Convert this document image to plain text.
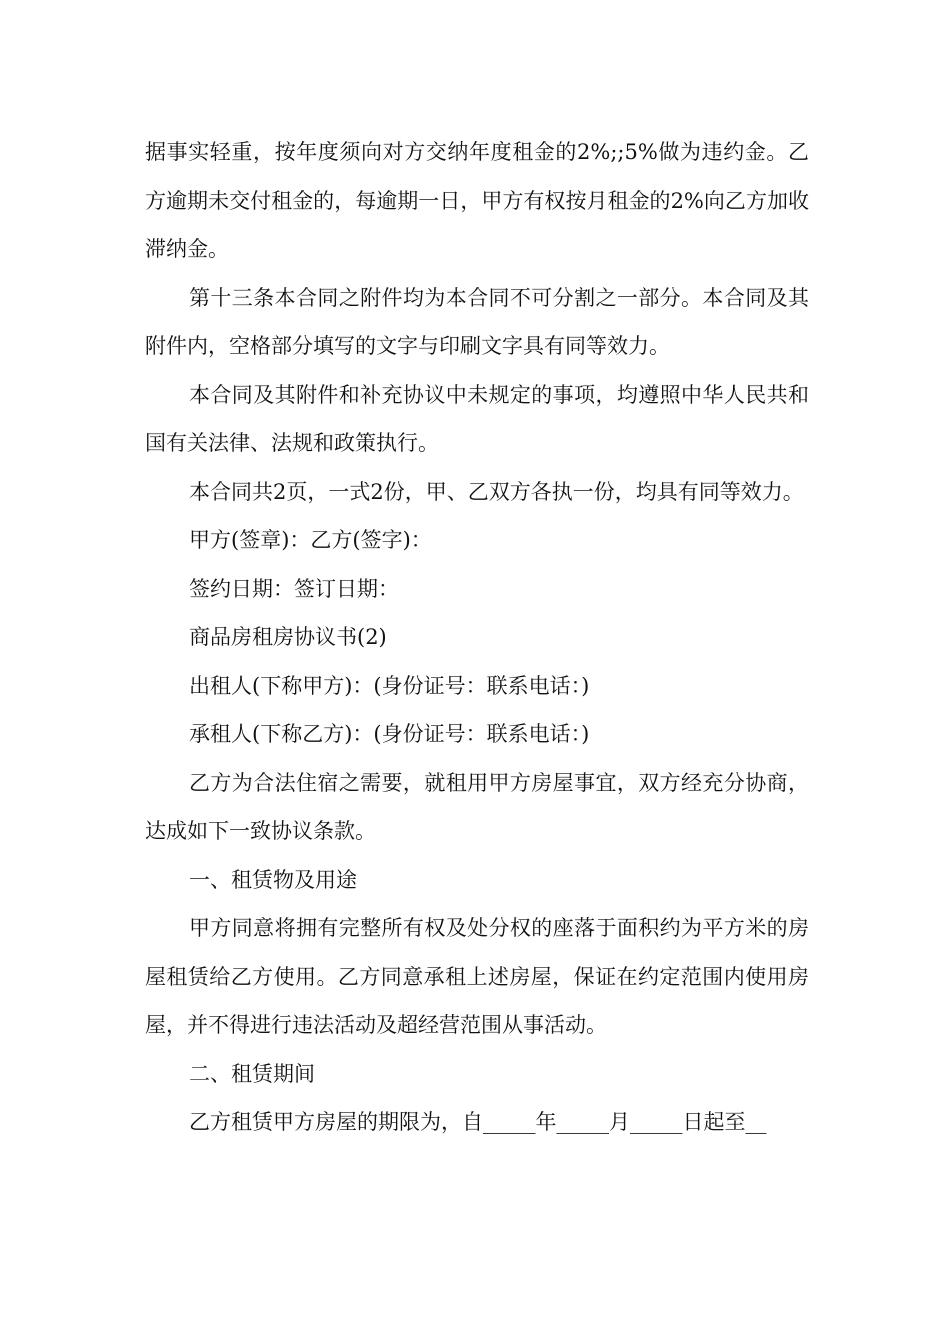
据事实轻重，按年度须向对方交纳年度租金的2%;;5%做为违约金。乙方逾期未交付租金的，每逾期一日，甲方有权按月租金的2%向乙方加收滞纳金。

第十三条本合同之附件均为本合同不可分割之一部分。本合同及其附件内，空格部分填写的文字与印刷文字具有同等效力。

本合同及其附件和补充协议中未规定的事项，均遵照中华人民共和国有关法律、法规和政策执行。

本合同共2页，一式2份，甲、乙双方各执一份，均具有同等效力。

甲方(签章)：乙方(签字)：

签约日期：签订日期：

商品房租房协议书(2)

出租人(下称甲方)：(身份证号：联系电话：)

承租人(下称乙方)：(身份证号：联系电话：)

乙方为合法住宿之需要，就租用甲方房屋事宜，双方经充分协商，达成如下一致协议条款。

一、租赁物及用途

甲方同意将拥有完整所有权及处分权的座落于面积约为平方米的房屋租赁给乙方使用。乙方同意承租上述房屋，保证在约定范围内使用房屋，并不得进行违法活动及超经营范围从事活动。

二、租赁期间

乙方租赁甲方房屋的期限为，自_____年_____月_____日起至__
